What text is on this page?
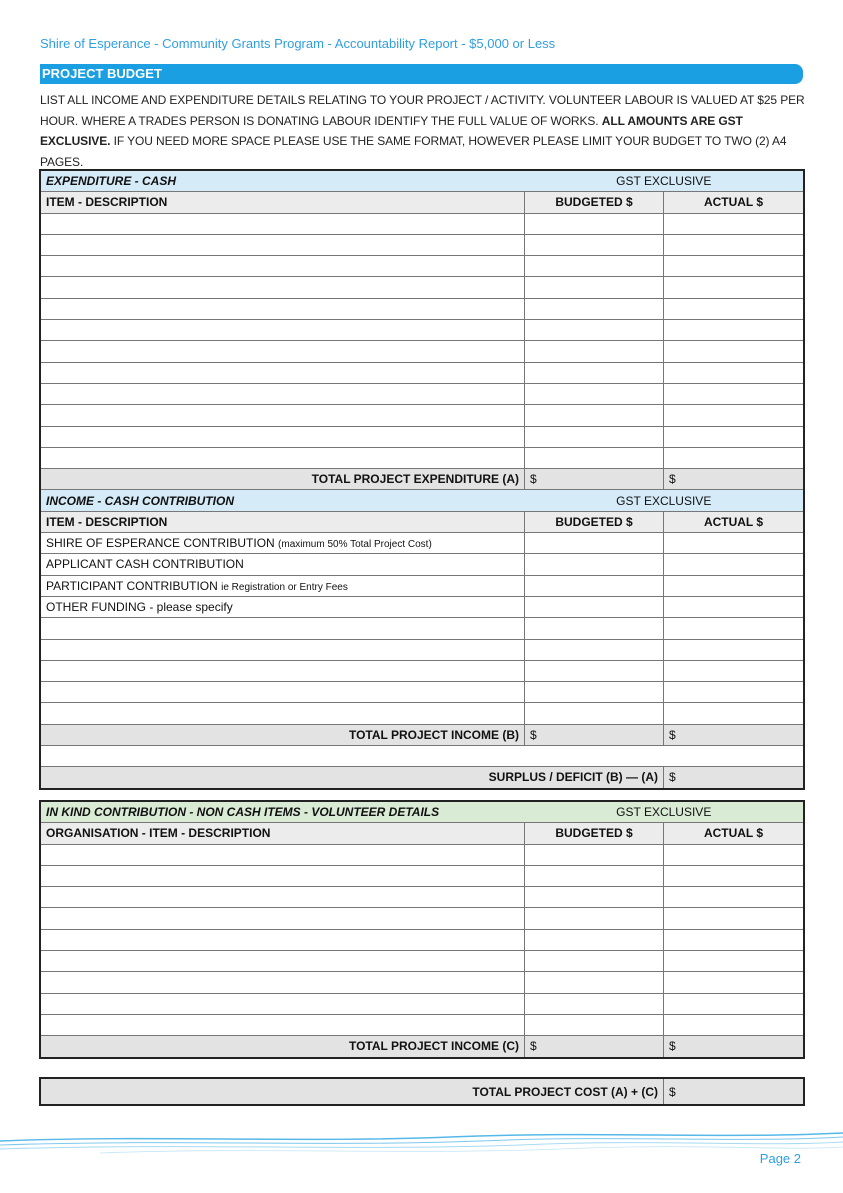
Shire of Esperance - Community Grants Program - Accountability Report - $5,000 or Less
PROJECT BUDGET
LIST ALL INCOME AND EXPENDITURE DETAILS RELATING TO YOUR PROJECT / ACTIVITY. VOLUNTEER LABOUR IS VALUED AT $25 PER HOUR. WHERE A TRADES PERSON IS DONATING LABOUR IDENTIFY THE FULL VALUE OF WORKS. ALL AMOUNTS ARE GST EXCLUSIVE. IF YOU NEED MORE SPACE PLEASE USE THE SAME FORMAT, HOWEVER PLEASE LIMIT YOUR BUDGET TO TWO (2) A4 PAGES.
EXPENDITURE - CASH	GST EXCLUSIVE	
ITEM - DESCRIPTION	BUDGETED $	ACTUAL $

TOTAL PROJECT EXPENDITURE (A)	$	$
INCOME - CASH CONTRIBUTION	GST EXCLUSIVE	
ITEM - DESCRIPTION	BUDGETED $	ACTUAL $
SHIRE OF ESPERANCE CONTRIBUTION (maximum 50% Total Project Cost)		
APPLICANT CASH CONTRIBUTION		
PARTICIPANT CONTRIBUTION ie Registration or Entry Fees		
OTHER FUNDING - please specify		

TOTAL PROJECT INCOME (B)	$	$

SURPLUS / DEFICIT (B) — (A)		$
IN KIND CONTRIBUTION - NON CASH ITEMS - VOLUNTEER DETAILS	GST EXCLUSIVE	
ORGANISATION - ITEM - DESCRIPTION	BUDGETED $	ACTUAL $

TOTAL PROJECT INCOME (C)	$	$
TOTAL PROJECT COST (A) + (C)	$
Page 2
